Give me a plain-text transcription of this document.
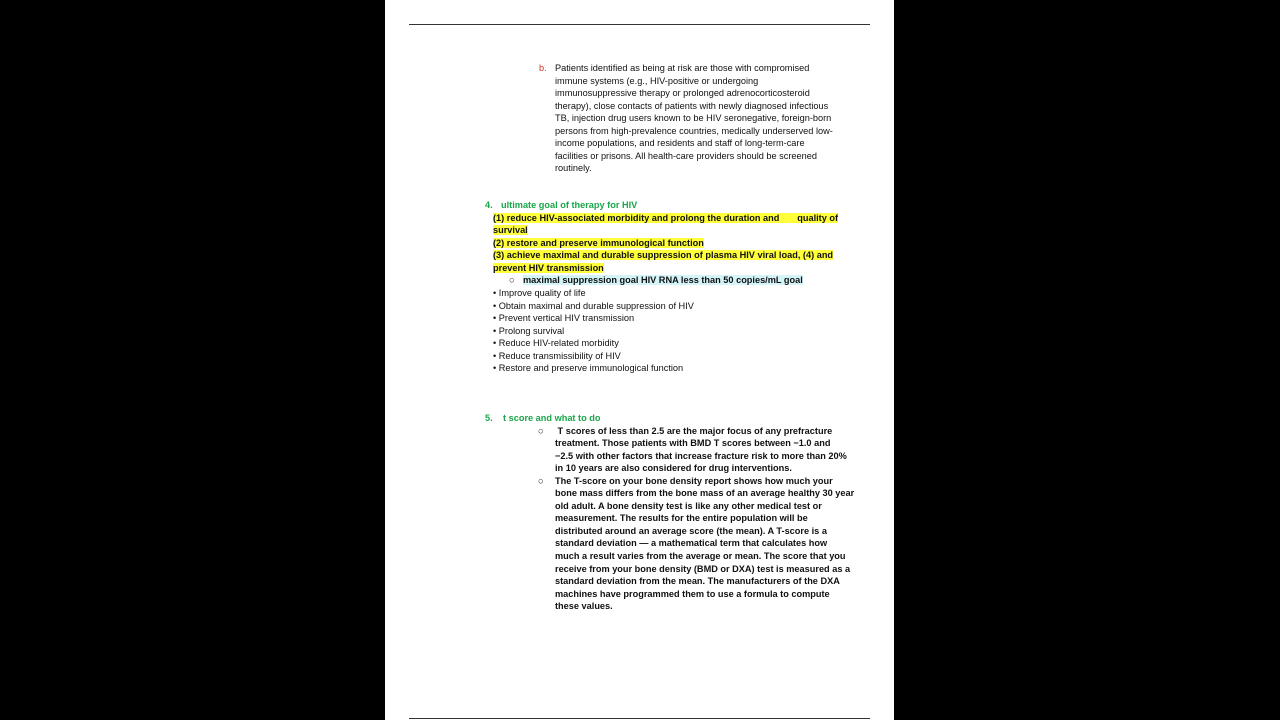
b. Patients identified as being at risk are those with compromised
immune systems (e.g., HIV-positive or undergoing
immunosuppressive therapy or prolonged adrenocorticosteroid
therapy), close contacts of patients with newly diagnosed infectious
TB, injection drug users known to be HIV seronegative, foreign-born
persons from high-prevalence countries, medically underserved low-
income populations, and residents and staff of long-term-care
facilities or prisons. All health-care providers should be screened
routinely.
4. ultimate goal of therapy for HIV
(1) reduce HIV-associated morbidity and prolong the duration and       quality of
survival
(2) restore and preserve immunological function
(3) achieve maximal and durable suppression of plasma HIV viral load, (4) and
prevent HIV transmission
○ maximal suppression goal HIV RNA less than 50 copies/mL goal
• Improve quality of life
• Obtain maximal and durable suppression of HIV
• Prevent vertical HIV transmission
• Prolong survival
• Reduce HIV-related morbidity
• Reduce transmissibility of HIV
• Restore and preserve immunological function
5. t score and what to do
○ T scores of less than 2.5 are the major focus of any prefracture
treatment. Those patients with BMD T scores between −1.0 and
−2.5 with other factors that increase fracture risk to more than 20%
in 10 years are also considered for drug interventions.
○ The T-score on your bone density report shows how much your
bone mass differs from the bone mass of an average healthy 30 year
old adult. A bone density test is like any other medical test or
measurement. The results for the entire population will be
distributed around an average score (the mean). A T-score is a
standard deviation — a mathematical term that calculates how
much a result varies from the average or mean. The score that you
receive from your bone density (BMD or DXA) test is measured as a
standard deviation from the mean. The manufacturers of the DXA
machines have programmed them to use a formula to compute
these values.
